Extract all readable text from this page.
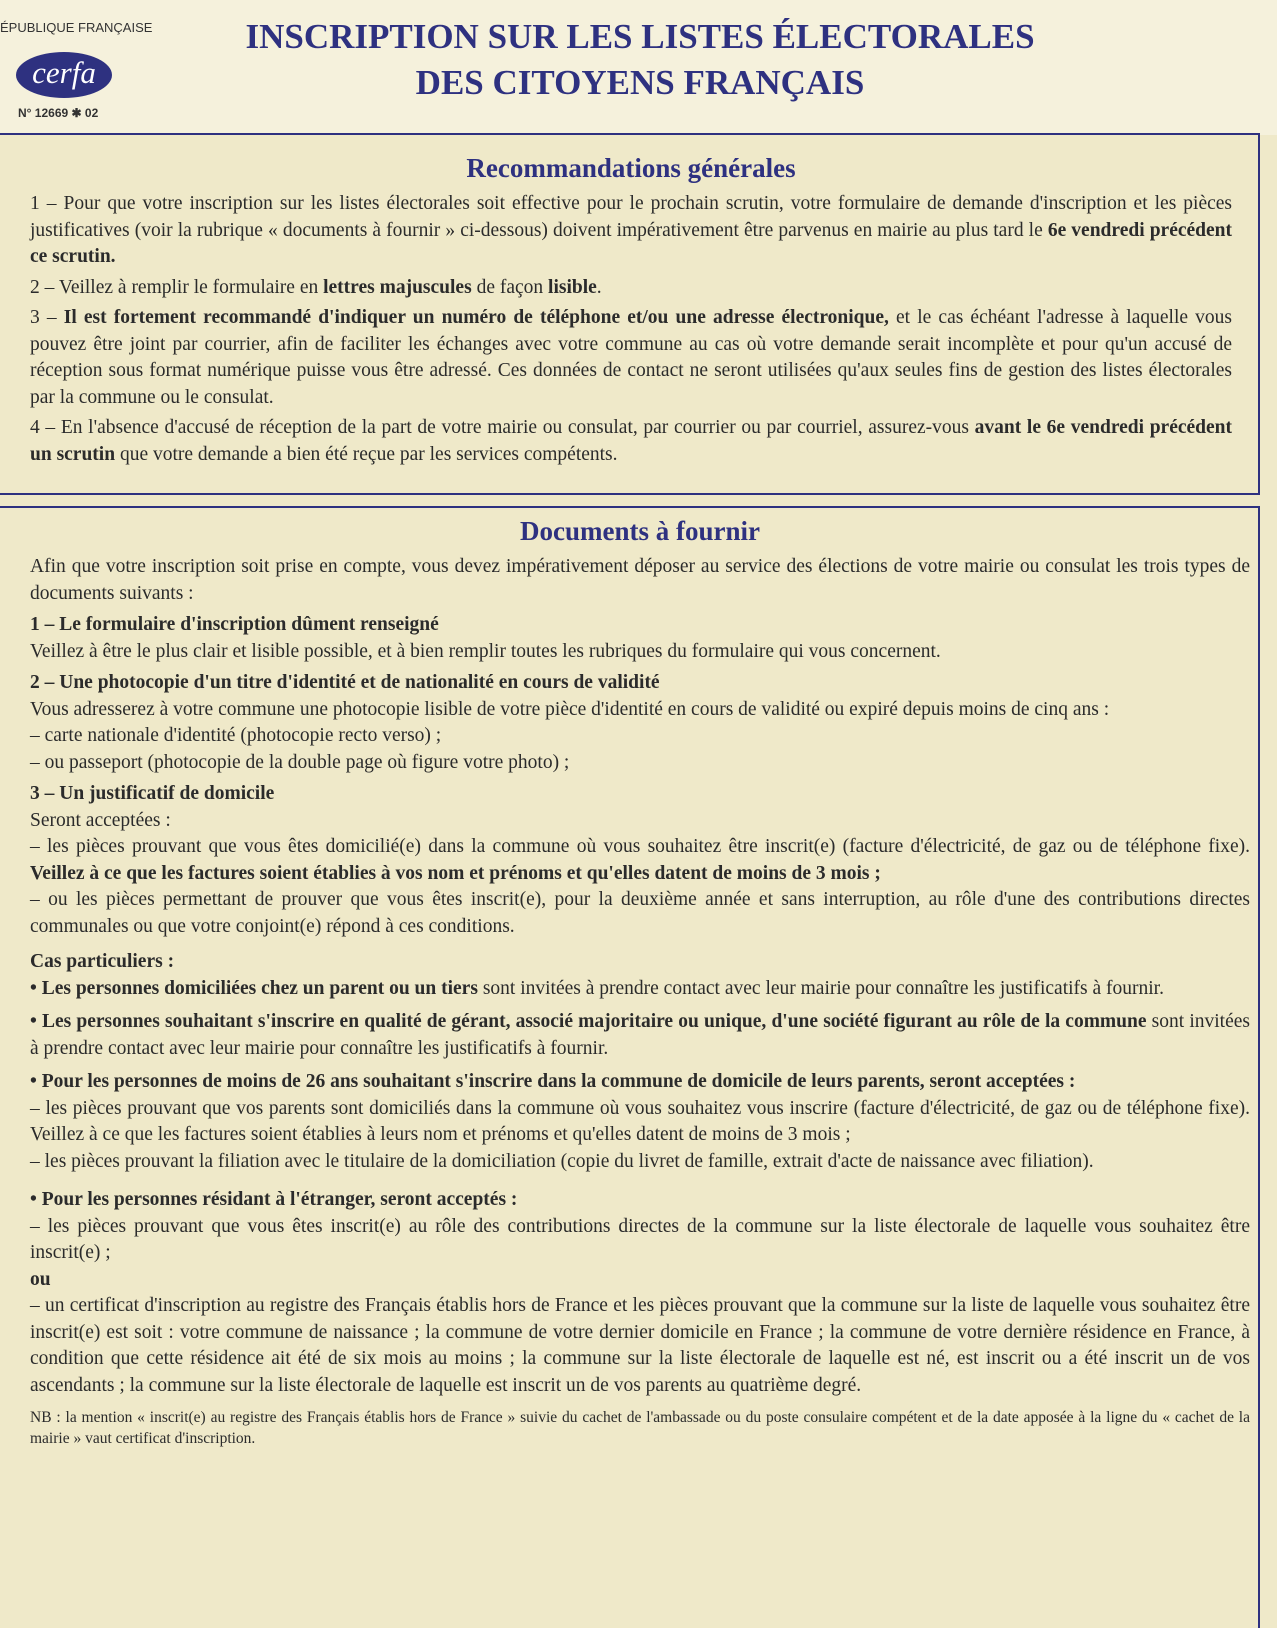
ÉPUBLIQUE FRANÇAISE
cerfa
N° 12669 ✱ 02
INSCRIPTION SUR LES LISTES ÉLECTORALES
DES CITOYENS FRANÇAIS
Recommandations générales

1 – Pour que votre inscription sur les listes électorales soit effective pour le prochain scrutin, votre formulaire de demande d'inscription et les pièces justificatives (voir la rubrique « documents à fournir » ci-dessous) doivent impérativement être parvenus en mairie au plus tard le 6e vendredi précédent ce scrutin.

2 – Veillez à remplir le formulaire en lettres majuscules de façon lisible.

3 – Il est fortement recommandé d'indiquer un numéro de téléphone et/ou une adresse électronique, et le cas échéant l'adresse à laquelle vous pouvez être joint par courrier, afin de faciliter les échanges avec votre commune au cas où votre demande serait incomplète et pour qu'un accusé de réception sous format numérique puisse vous être adressé. Ces données de contact ne seront utilisées qu'aux seules fins de gestion des listes électorales par la commune ou le consulat.

4 – En l'absence d'accusé de réception de la part de votre mairie ou consulat, par courrier ou par courriel, assurez-vous avant le 6e vendredi précédent un scrutin que votre demande a bien été reçue par les services compétents.

Documents à fournir

Afin que votre inscription soit prise en compte, vous devez impérativement déposer au service des élections de votre mairie ou consulat les trois types de documents suivants :

1 – Le formulaire d'inscription dûment renseigné

Veillez à être le plus clair et lisible possible, et à bien remplir toutes les rubriques du formulaire qui vous concernent.

2 – Une photocopie d'un titre d'identité et de nationalité en cours de validité

Vous adresserez à votre commune une photocopie lisible de votre pièce d'identité en cours de validité ou expiré depuis moins de cinq ans :

– carte nationale d'identité (photocopie recto verso) ;

– ou passeport (photocopie de la double page où figure votre photo) ;

3 – Un justificatif de domicile

Seront acceptées :

– les pièces prouvant que vous êtes domicilié(e) dans la commune où vous souhaitez être inscrit(e) (facture d'électricité, de gaz ou de téléphone fixe). Veillez à ce que les factures soient établies à vos nom et prénoms et qu'elles datent de moins de 3 mois ;

– ou les pièces permettant de prouver que vous êtes inscrit(e), pour la deuxième année et sans interruption, au rôle d'une des contributions directes communales ou que votre conjoint(e) répond à ces conditions.

Cas particuliers :

• Les personnes domiciliées chez un parent ou un tiers sont invitées à prendre contact avec leur mairie pour connaître les justificatifs à fournir.

• Les personnes souhaitant s'inscrire en qualité de gérant, associé majoritaire ou unique, d'une société figurant au rôle de la commune sont invitées à prendre contact avec leur mairie pour connaître les justificatifs à fournir.

• Pour les personnes de moins de 26 ans souhaitant s'inscrire dans la commune de domicile de leurs parents, seront acceptées :

– les pièces prouvant que vos parents sont domiciliés dans la commune où vous souhaitez vous inscrire (facture d'électricité, de gaz ou de téléphone fixe). Veillez à ce que les factures soient établies à leurs nom et prénoms et qu'elles datent de moins de 3 mois ;

– les pièces prouvant la filiation avec le titulaire de la domiciliation (copie du livret de famille, extrait d'acte de naissance avec filiation).

• Pour les personnes résidant à l'étranger, seront acceptés :

– les pièces prouvant que vous êtes inscrit(e) au rôle des contributions directes de la commune sur la liste électorale de laquelle vous souhaitez être inscrit(e) ;

ou

– un certificat d'inscription au registre des Français établis hors de France et les pièces prouvant que la commune sur la liste de laquelle vous souhaitez être inscrit(e) est soit : votre commune de naissance ; la commune de votre dernier domicile en France ; la commune de votre dernière résidence en France, à condition que cette résidence ait été de six mois au moins ; la commune sur la liste électorale de laquelle est né, est inscrit ou a été inscrit un de vos ascendants ; la commune sur la liste électorale de laquelle est inscrit un de vos parents au quatrième degré.

NB : la mention « inscrit(e) au registre des Français établis hors de France » suivie du cachet de l'ambassade ou du poste consulaire compétent et de la date apposée à la ligne du « cachet de la mairie » vaut certificat d'inscription.
